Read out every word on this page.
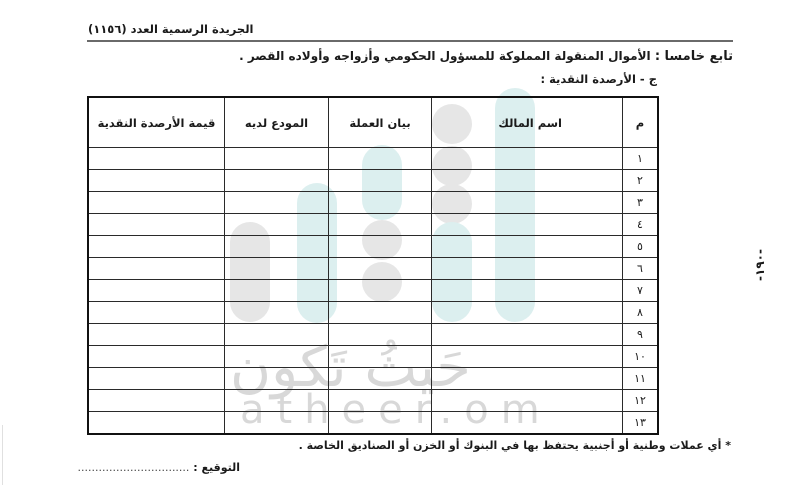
الجريدة الرسمية العدد (١١٥٦)
تابع خامسا : الأموال المنقولة المملوكة للمسؤول الحكومي وأزواجه وأولاده القصر .
ج - الأرصدة النقدية :
-١٩٠-
حَيثُ تَكون
atheer.om
م	اسم المالك	بيان العملة	المودع لديه	قيمة الأرصدة النقدية
١				
٢				
٣				
٤				
٥				
٦				
٧				
٨				
٩				
١٠				
١١				
١٢				
١٣				
* أي عملات وطنية أو أجنبية يحتفظ بها في البنوك أو الخزن أو الصناديق الخاصة .
التوقيع : ................................
